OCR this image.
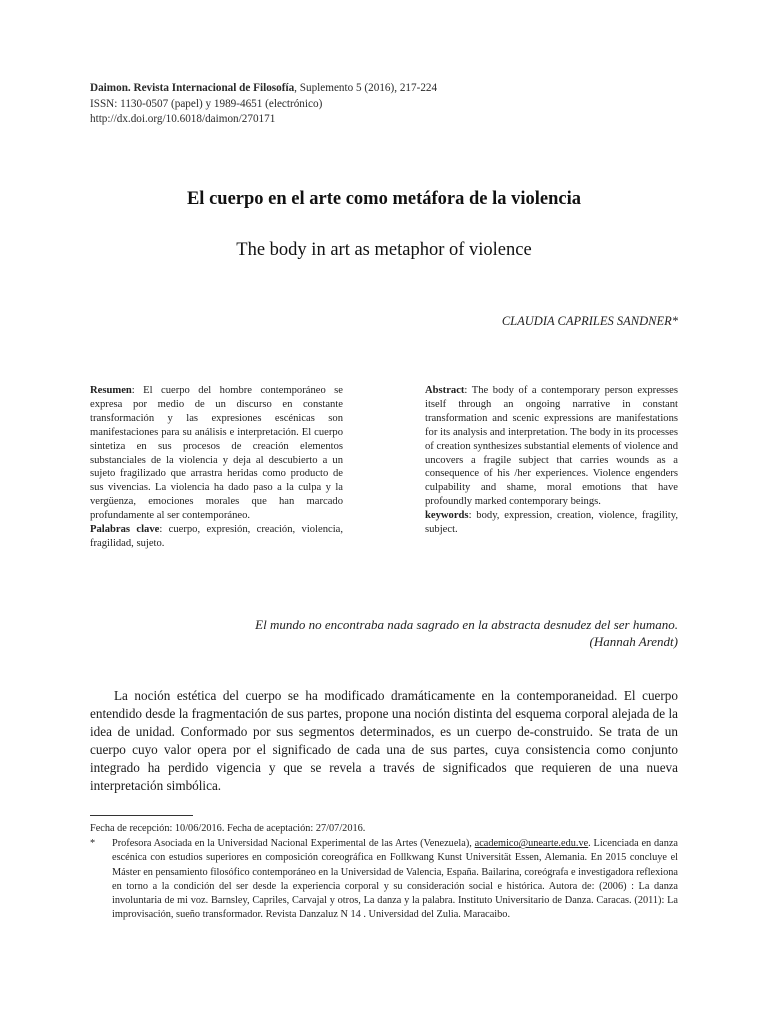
Daimon. Revista Internacional de Filosofía, Suplemento 5 (2016), 217-224
ISSN: 1130-0507 (papel) y 1989-4651 (electrónico)
http://dx.doi.org/10.6018/daimon/270171
El cuerpo en el arte como metáfora de la violencia
The body in art as metaphor of violence
CLAUDIA CAPRILES SANDNER*

Resumen: El cuerpo del hombre contemporáneo se expresa por medio de un discurso en constante transformación y las expresiones escénicas son manifestaciones para su análisis e interpretación. El cuerpo sintetiza en sus procesos de creación elementos substanciales de la violencia y deja al descubierto a un sujeto fragilizado que arrastra heridas como producto de sus vivencias. La violencia ha dado paso a la culpa y la vergüenza, emociones morales que han marcado profundamente al ser contemporáneo.

Palabras clave: cuerpo, expresión, creación, violencia, fragilidad, sujeto.

Abstract: The body of a contemporary person expresses itself through an ongoing narrative in constant transformation and scenic expressions are manifestations for its analysis and interpretation. The body in its processes of creation synthesizes substantial elements of violence and uncovers a fragile subject that carries wounds as a consequence of his /her experiences. Violence engenders culpability and shame, moral emotions that have profoundly marked contemporary beings.

keywords: body, expression, creation, violence, fragility, subject.

El mundo no encontraba nada sagrado en la abstracta desnudez del ser humano.
(Hannah Arendt)

La noción estética del cuerpo se ha modificado dramáticamente en la contemporaneidad. El cuerpo entendido desde la fragmentación de sus partes, propone una noción distinta del esquema corporal alejada de la idea de unidad. Conformado por sus segmentos determinados, es un cuerpo de-construido. Se trata de un cuerpo cuyo valor opera por el significado de cada una de sus partes, cuya consistencia como conjunto integrado ha perdido vigencia y que se revela a través de significados que requieren de una nueva interpretación simbólica.

Fecha de recepción: 10/06/2016. Fecha de aceptación: 27/07/2016.

* Profesora Asociada en la Universidad Nacional Experimental de las Artes (Venezuela), academico@unearte.edu.ve. Licenciada en danza escénica con estudios superiores en composición coreográfica en Follkwang Kunst Universität Essen, Alemania. En 2015 concluye el Máster en pensamiento filosófico contemporáneo en la Universidad de Valencia, España. Bailarina, coreógrafa e investigadora reflexiona en torno a la condición del ser desde la experiencia corporal y su consideración social e histórica. Autora de: (2006) : La danza involuntaria de mi voz. Barnsley, Capriles, Carvajal y otros, La danza y la palabra. Instituto Universitario de Danza. Caracas. (2011): La improvisación, sueño transformador. Revista Danzaluz N 14 . Universidad del Zulia. Maracaibo.
